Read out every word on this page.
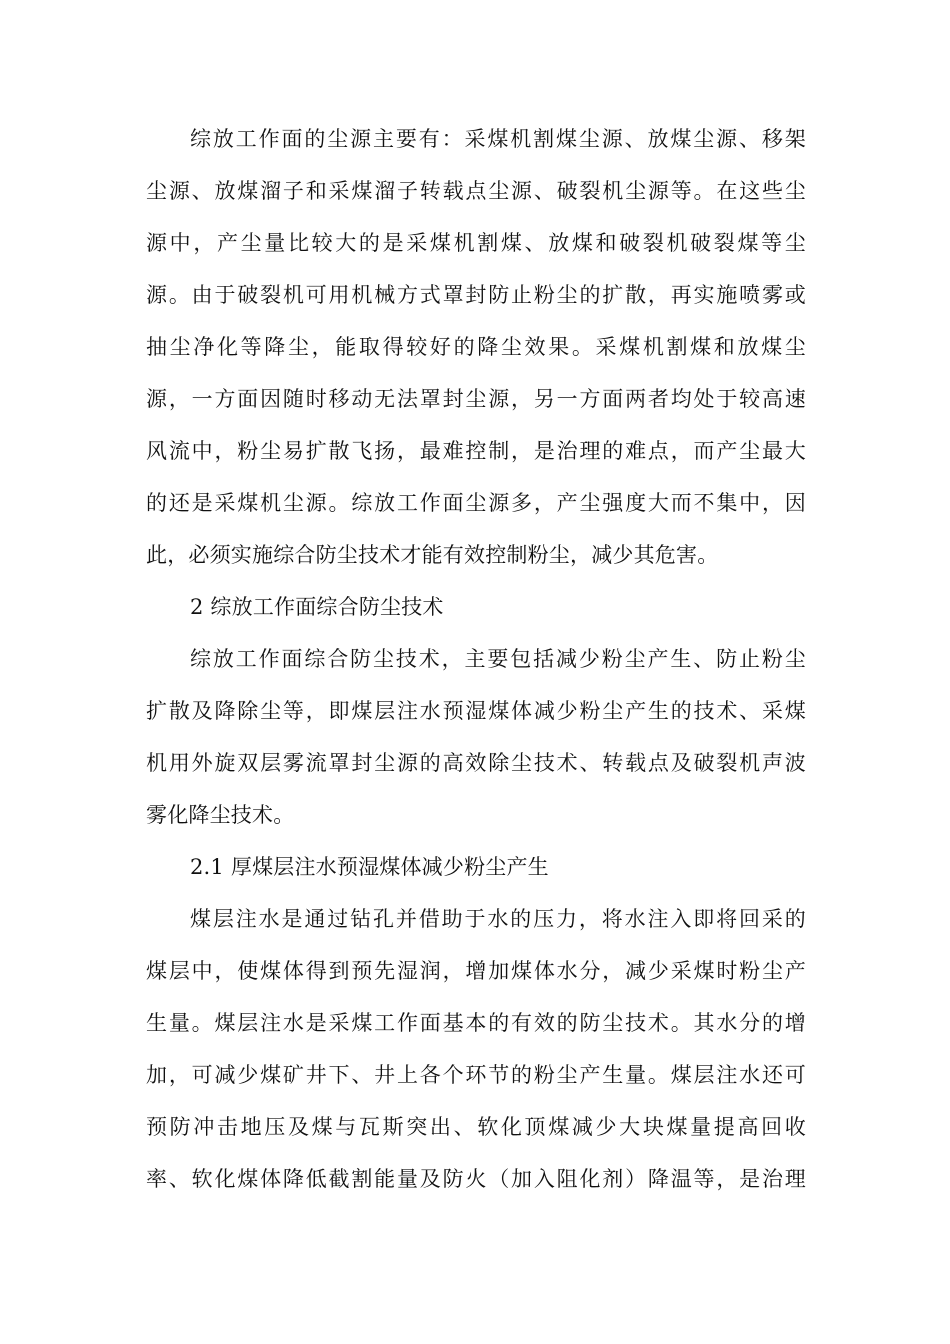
综放工作面的尘源主要有：采煤机割煤尘源、放煤尘源、移架
尘源、放煤溜子和采煤溜子转载点尘源、破裂机尘源等。在这些尘
源中，产尘量比较大的是采煤机割煤、放煤和破裂机破裂煤等尘
源。由于破裂机可用机械方式罩封防止粉尘的扩散，再实施喷雾或
抽尘净化等降尘，能取得较好的降尘效果。采煤机割煤和放煤尘
源，一方面因随时移动无法罩封尘源，另一方面两者均处于较高速
风流中，粉尘易扩散飞扬，最难控制，是治理的难点，而产尘最大
的还是采煤机尘源。综放工作面尘源多，产尘强度大而不集中，因
此，必须实施综合防尘技术才能有效控制粉尘，减少其危害。
2 综放工作面综合防尘技术
综放工作面综合防尘技术，主要包括减少粉尘产生、防止粉尘
扩散及降除尘等，即煤层注水预湿煤体减少粉尘产生的技术、采煤
机用外旋双层雾流罩封尘源的高效除尘技术、转载点及破裂机声波
雾化降尘技术。
2.1 厚煤层注水预湿煤体减少粉尘产生
煤层注水是通过钻孔并借助于水的压力，将水注入即将回采的
煤层中，使煤体得到预先湿润，增加煤体水分，减少采煤时粉尘产
生量。煤层注水是采煤工作面基本的有效的防尘技术。其水分的增
加，可减少煤矿井下、井上各个环节的粉尘产生量。煤层注水还可
预防冲击地压及煤与瓦斯突出、软化顶煤减少大块煤量提高回收
率、软化煤体降低截割能量及防火（加入阻化剂）降温等，是治理
